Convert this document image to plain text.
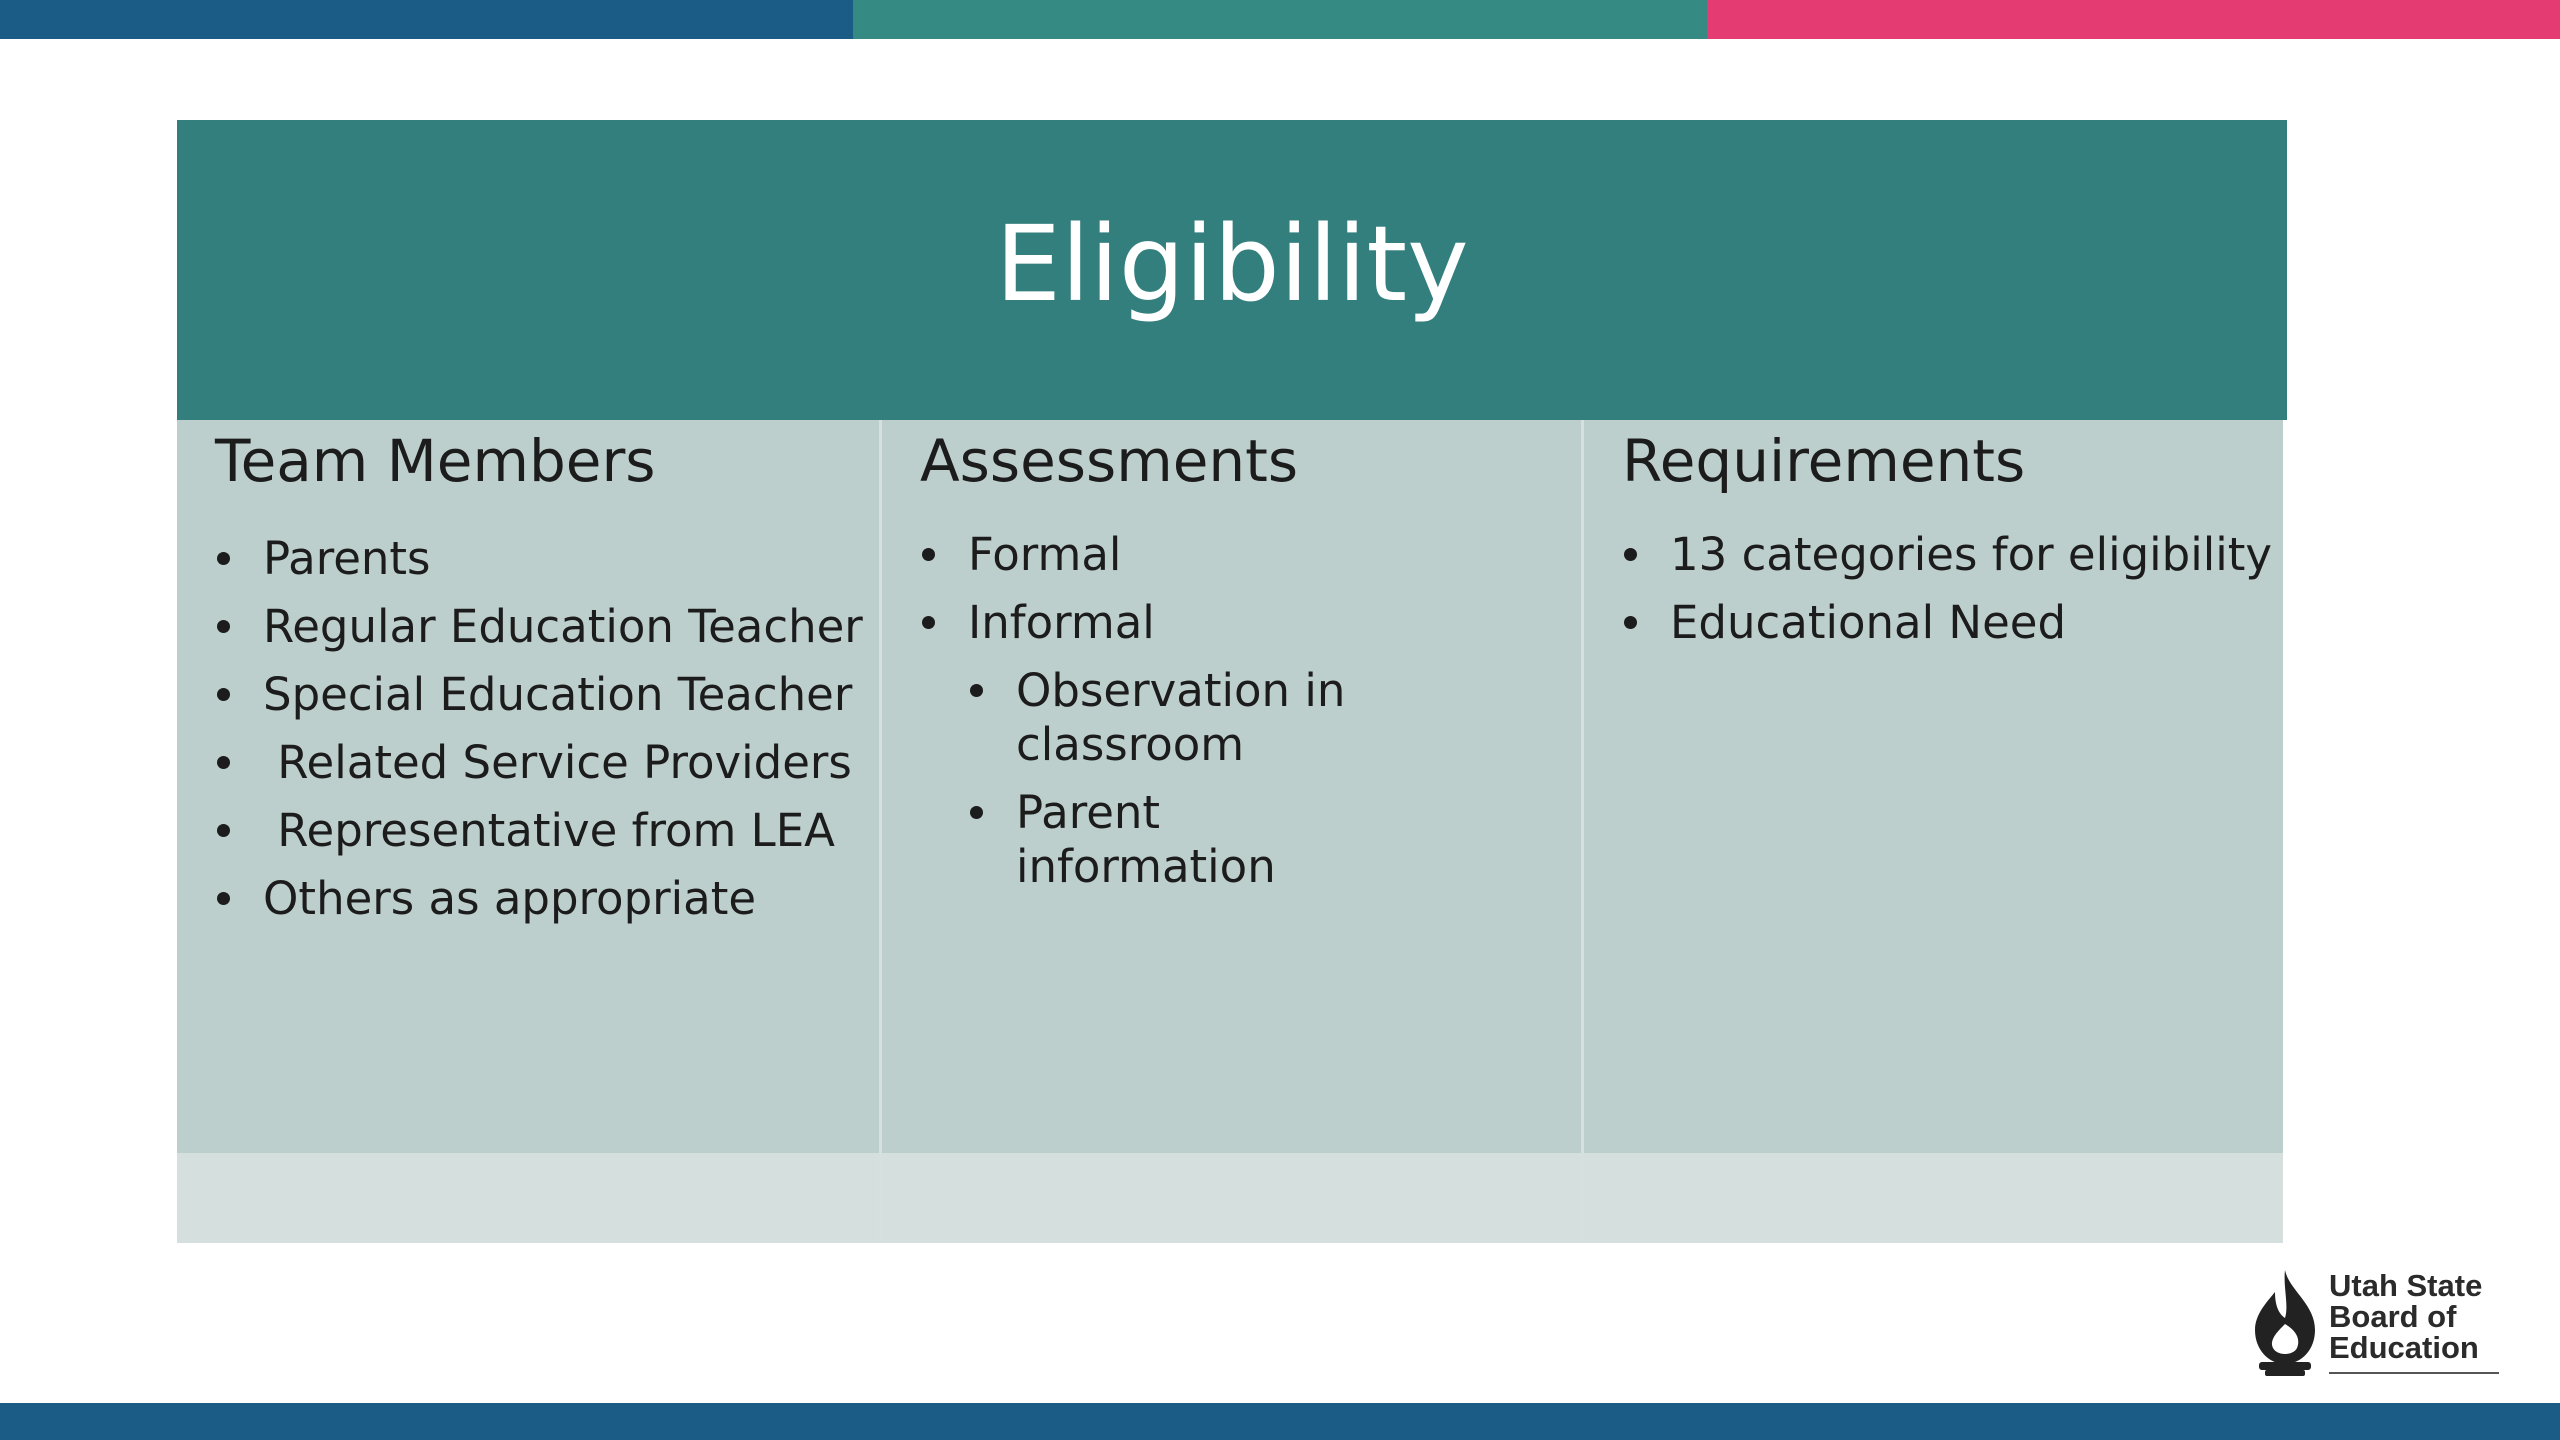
Eligibility
Team Members
Parents
Regular Education Teacher
Special Education Teacher
Related Service Providers
Representative from LEA
Others as appropriate
Assessments
Formal
Informal
Observation in classroom
Parent information
Requirements
13 categories for eligibility
Educational Need
Utah State
Board of
Education
